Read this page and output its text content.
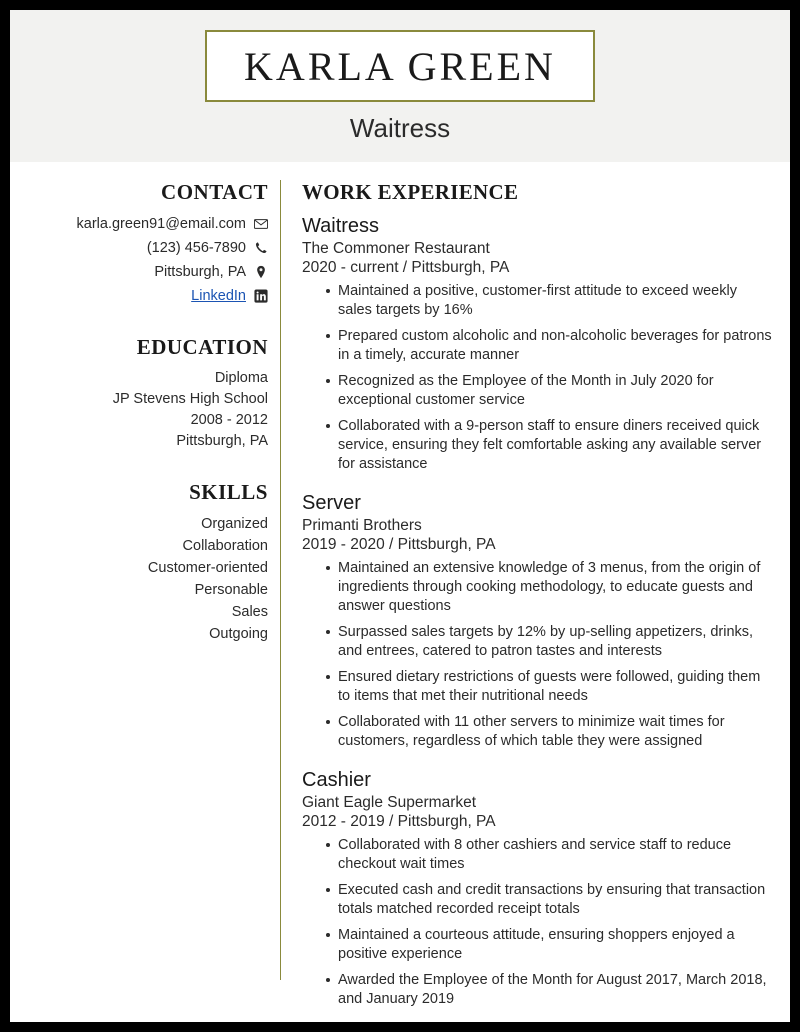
KARLA GREEN
Waitress
CONTACT
karla.green91@email.com
(123) 456-7890
Pittsburgh, PA
LinkedIn
EDUCATION
Diploma
JP Stevens High School
2008 - 2012
Pittsburgh, PA
SKILLS
Organized
Collaboration
Customer-oriented
Personable
Sales
Outgoing
WORK EXPERIENCE
Waitress
The Commoner Restaurant
2020 - current / Pittsburgh, PA
Maintained a positive, customer-first attitude to exceed weekly sales targets by 16%
Prepared custom alcoholic and non-alcoholic beverages for patrons in a timely, accurate manner
Recognized as the Employee of the Month in July 2020 for exceptional customer service
Collaborated with a 9-person staff to ensure diners received quick service, ensuring they felt comfortable asking any available server for assistance
Server
Primanti Brothers
2019 - 2020 / Pittsburgh, PA
Maintained an extensive knowledge of 3 menus, from the origin of ingredients through cooking methodology, to educate guests and answer questions
Surpassed sales targets by 12% by up-selling appetizers, drinks, and entrees, catered to patron tastes and interests
Ensured dietary restrictions of guests were followed, guiding them to items that met their nutritional needs
Collaborated with 11 other servers to minimize wait times for customers, regardless of which table they were assigned
Cashier
Giant Eagle Supermarket
2012 - 2019 / Pittsburgh, PA
Collaborated with 8 other cashiers and service staff to reduce checkout wait times
Executed cash and credit transactions by ensuring that transaction totals matched recorded receipt totals
Maintained a courteous attitude, ensuring shoppers enjoyed a positive experience
Awarded the Employee of the Month for August 2017, March 2018, and January 2019
